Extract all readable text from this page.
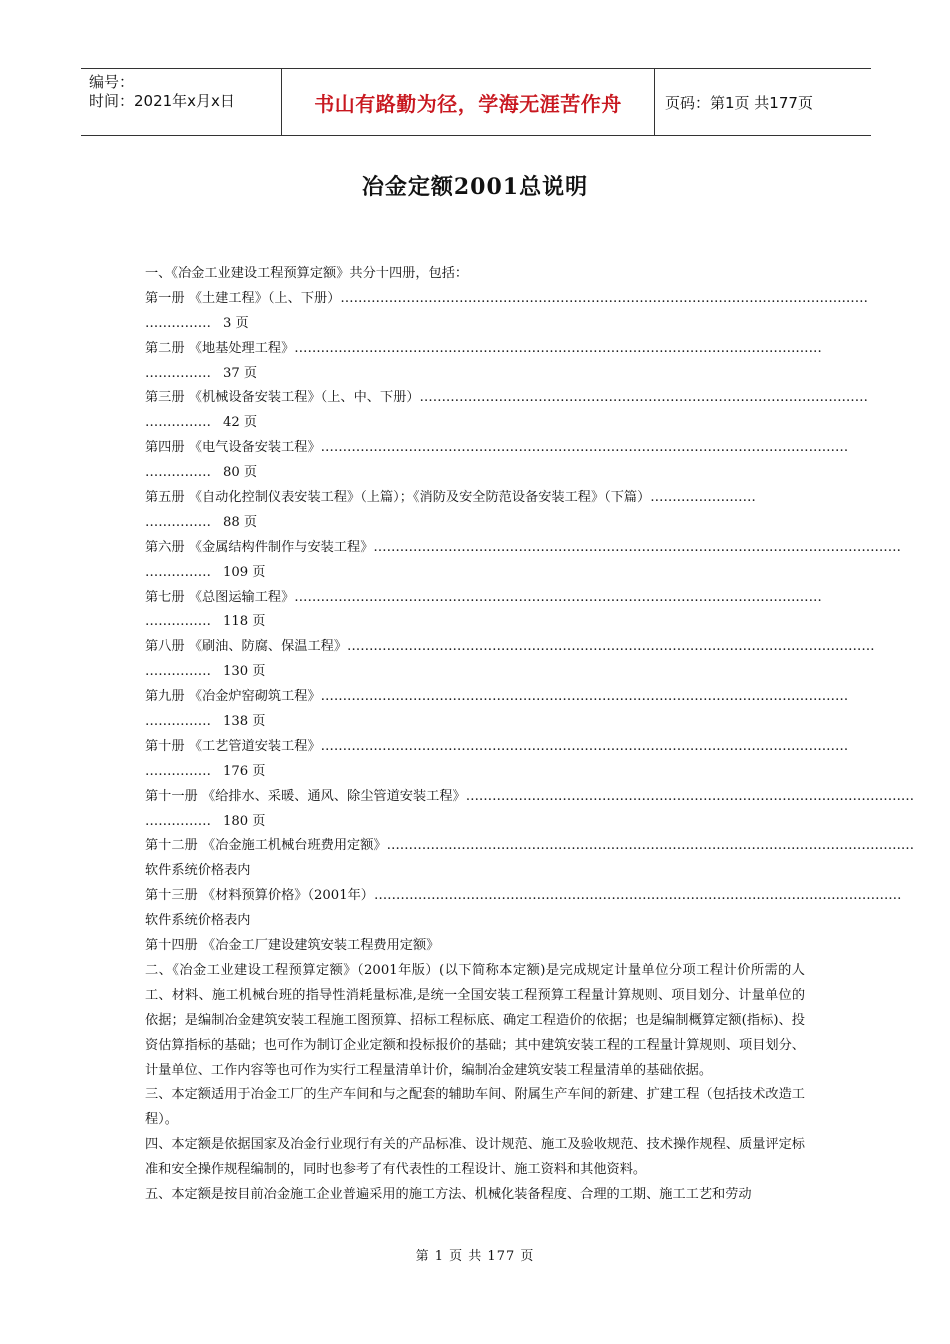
编号：
时间：2021年x月x日	书山有路勤为径，学海无涯苦作舟	页码：第1页 共177页
冶金定额2001总说明
一、《冶金工业建设工程预算定额》共分十四册，包括：
第一册 《土建工程》（上、下册） …………………………………………………………………………………………………………
…………… 3 页
第二册 《地基处理工程》 …………………………………………………………………………………………………………
…………… 37 页
第三册 《机械设备安装工程》（上、中、下册） …………………………………………………………………………………………
…………… 42 页
第四册 《电气设备安装工程》 …………………………………………………………………………………………………………
…………… 80 页
第五册 《自动化控制仪表安装工程》（上篇）；《消防及安全防范设备安装工程》（下篇） ……………………
…………… 88 页
第六册 《金属结构件制作与安装工程》 …………………………………………………………………………………………………………
…………… 109 页
第七册 《总图运输工程》 …………………………………………………………………………………………………………
…………… 118 页
第八册 《刷油、防腐、保温工程》 …………………………………………………………………………………………………………
…………… 130 页
第九册 《冶金炉窑砌筑工程》 …………………………………………………………………………………………………………
…………… 138 页
第十册 《工艺管道安装工程》 …………………………………………………………………………………………………………
…………… 176 页
第十一册 《给排水、采暖、通风、除尘管道安装工程》 …………………………………………………………………………………………
…………… 180 页
第十二册 《冶金施工机械台班费用定额》 …………………………………………………………………………………………………………
软件系统价格表内
第十三册 《材料预算价格》（2001年） …………………………………………………………………………………………………………
软件系统价格表内
第十四册 《冶金工厂建设建筑安装工程费用定额》
二、《冶金工业建设工程预算定额》（2001年版）(以下简称本定额)是完成规定计量单位分项工程计价所需的人工、材料、施工机械台班的指导性消耗量标准,是统一全国安装工程预算工程量计算规则、项目划分、计量单位的依据；是编制冶金建筑安装工程施工图预算、招标工程标底、确定工程造价的依据；也是编制概算定额(指标)、投资估算指标的基础；也可作为制订企业定额和投标报价的基础；其中建筑安装工程的工程量计算规则、项目划分、计量单位、工作内容等也可作为实行工程量清单计价，编制冶金建筑安装工程量清单的基础依据。
三、本定额适用于冶金工厂的生产车间和与之配套的辅助车间、附属生产车间的新建、扩建工程（包括技术改造工程）。
四、本定额是依据国家及冶金行业现行有关的产品标准、设计规范、施工及验收规范、技术操作规程、质量评定标准和安全操作规程编制的，同时也参考了有代表性的工程设计、施工资料和其他资料。
五、本定额是按目前冶金施工企业普遍采用的施工方法、机械化装备程度、合理的工期、施工工艺和劳动
第 1 页 共 177 页
